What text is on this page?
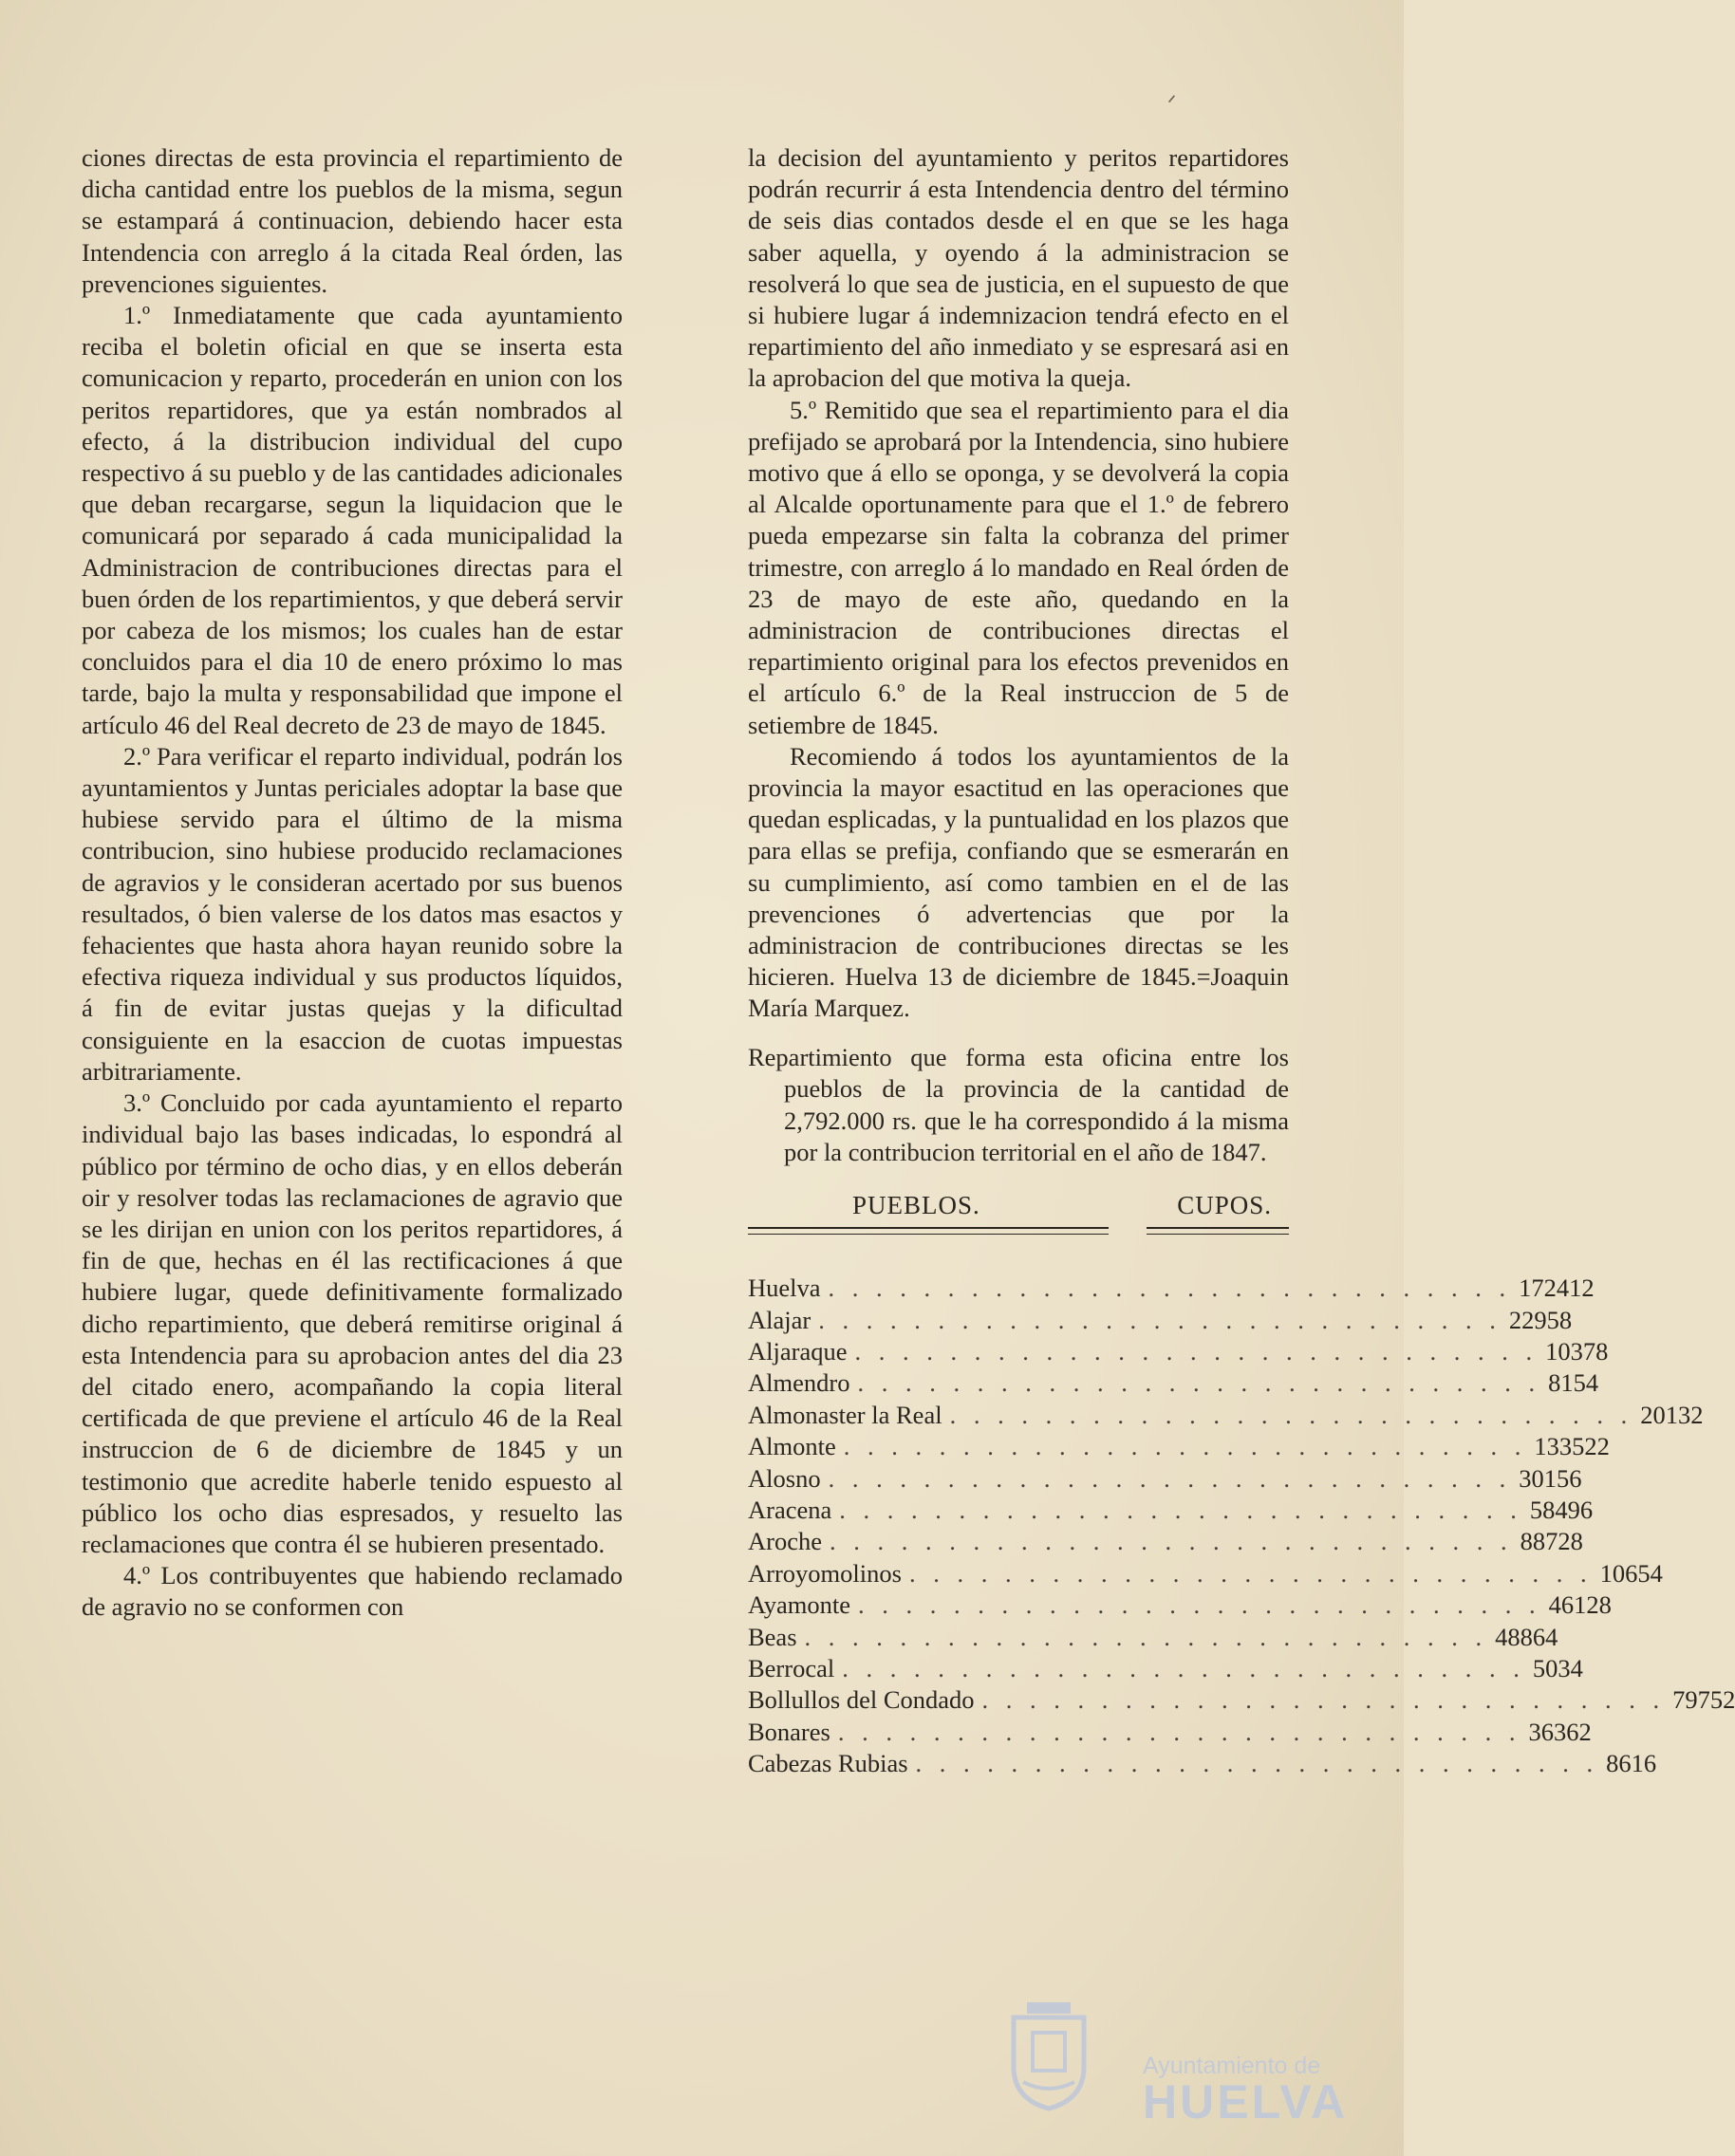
ciones directas de esta provincia el repartimiento de dicha cantidad entre los pueblos de la misma, segun se estampará á continuacion, debiendo hacer esta Intendencia con arreglo á la citada Real órden, las prevenciones siguientes.

1.º Inmediatamente que cada ayuntamiento reciba el boletin oficial en que se inserta esta comunicacion y reparto, procederán en union con los peritos repartidores, que ya están nombrados al efecto, á la distribucion individual del cupo respectivo á su pueblo y de las cantidades adicionales que deban recargarse, segun la liquidacion que le comunicará por separado á cada municipalidad la Administracion de contribuciones directas para el buen órden de los repartimientos, y que deberá servir por cabeza de los mismos; los cuales han de estar concluidos para el dia 10 de enero próximo lo mas tarde, bajo la multa y responsabilidad que impone el artículo 46 del Real decreto de 23 de mayo de 1845.

2.º Para verificar el reparto individual, podrán los ayuntamientos y Juntas periciales adoptar la base que hubiese servido para el último de la misma contribucion, sino hubiese producido reclamaciones de agravios y le consideran acertado por sus buenos resultados, ó bien valerse de los datos mas esactos y fehacientes que hasta ahora hayan reunido sobre la efectiva riqueza individual y sus productos líquidos, á fin de evitar justas quejas y la dificultad consiguiente en la esaccion de cuotas impuestas arbitrariamente.

3.º Concluido por cada ayuntamiento el reparto individual bajo las bases indicadas, lo espondrá al público por término de ocho dias, y en ellos deberán oir y resolver todas las reclamaciones de agravio que se les dirijan en union con los peritos repartidores, á fin de que, hechas en él las rectificaciones á que hubiere lugar, quede definitivamente formalizado dicho repartimiento, que deberá remitirse original á esta Intendencia para su aprobacion antes del dia 23 del citado enero, acompañando la copia literal certificada de que previene el artículo 46 de la Real instruccion de 6 de diciembre de 1845 y un testimonio que acredite haberle tenido espuesto al público los ocho dias espresados, y resuelto las reclamaciones que contra él se hubieren presentado.

4.º Los contribuyentes que habiendo reclamado de agravio no se conformen con

la decision del ayuntamiento y peritos repartidores podrán recurrir á esta Intendencia dentro del término de seis dias contados desde el en que se les haga saber aquella, y oyendo á la administracion se resolverá lo que sea de justicia, en el supuesto de que si hubiere lugar á indemnizacion tendrá efecto en el repartimiento del año inmediato y se espresará asi en la aprobacion del que motiva la queja.

5.º Remitido que sea el repartimiento para el dia prefijado se aprobará por la Intendencia, sino hubiere motivo que á ello se oponga, y se devolverá la copia al Alcalde oportunamente para que el 1.º de febrero pueda empezarse sin falta la cobranza del primer trimestre, con arreglo á lo mandado en Real órden de 23 de mayo de este año, quedando en la administracion de contribuciones directas el repartimiento original para los efectos prevenidos en el artículo 6.º de la Real instruccion de 5 de setiembre de 1845.

Recomiendo á todos los ayuntamientos de la provincia la mayor esactitud en las operaciones que quedan esplicadas, y la puntualidad en los plazos que para ellas se prefija, confiando que se esmerarán en su cumplimiento, así como tambien en el de las prevenciones ó advertencias que por la administracion de contribuciones directas se les hicieren. Huelva 13 de diciembre de 1845.=Joaquin María Marquez.

Repartimiento que forma esta oficina entre los pueblos de la provincia de la cantidad de 2,792.000 rs. que le ha correspondido á la misma por la contribucion territorial en el año de 1847.

PUEBLOS.	CUPOS.
Huelva . . . . . . . . . . . . . . . . . . . . . . . . . . . . . 172412
Alajar . . . . . . . . . . . . . . . . . . . . . . . . . . . . . 22958
Aljaraque . . . . . . . . . . . . . . . . . . . . . . . . . . . . . 10378
Almendro . . . . . . . . . . . . . . . . . . . . . . . . . . . . . 8154
Almonaster la Real . . . . . . . . . . . . . . . . . . . . . . . . . . . . . 20132
Almonte . . . . . . . . . . . . . . . . . . . . . . . . . . . . . 133522
Alosno . . . . . . . . . . . . . . . . . . . . . . . . . . . . . 30156
Aracena . . . . . . . . . . . . . . . . . . . . . . . . . . . . . 58496
Aroche . . . . . . . . . . . . . . . . . . . . . . . . . . . . . 88728
Arroyomolinos . . . . . . . . . . . . . . . . . . . . . . . . . . . . . 10654
Ayamonte . . . . . . . . . . . . . . . . . . . . . . . . . . . . . 46128
Beas . . . . . . . . . . . . . . . . . . . . . . . . . . . . . 48864
Berrocal . . . . . . . . . . . . . . . . . . . . . . . . . . . . . 5034
Bollullos del Condado . . . . . . . . . . . . . . . . . . . . . . . . . . . . . 79752
Bonares . . . . . . . . . . . . . . . . . . . . . . . . . . . . . 36362
Cabezas Rubias . . . . . . . . . . . . . . . . . . . . . . . . . . . . . 8616
ᐟ
Ayuntamiento de
HUELVA
